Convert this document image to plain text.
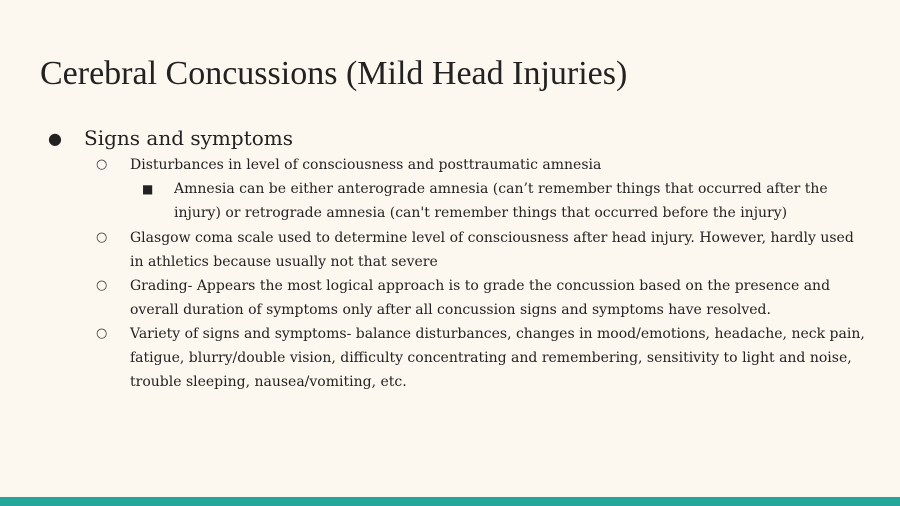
Cerebral Concussions (Mild Head Injuries)
● Signs and symptoms
○ Disturbances in level of consciousness and posttraumatic amnesia
■ Amnesia can be either anterograde amnesia (can’t remember things that occurred after the injury) or retrograde amnesia (can't remember things that occurred before the injury)
○ Glasgow coma scale used to determine level of consciousness after head injury. However, hardly used in athletics because usually not that severe
○ Grading- Appears the most logical approach is to grade the concussion based on the presence and overall duration of symptoms only after all concussion signs and symptoms have resolved.
○ Variety of signs and symptoms- balance disturbances, changes in mood/emotions, headache, neck pain, fatigue, blurry/double vision, difficulty concentrating and remembering, sensitivity to light and noise, trouble sleeping, nausea/vomiting, etc.
